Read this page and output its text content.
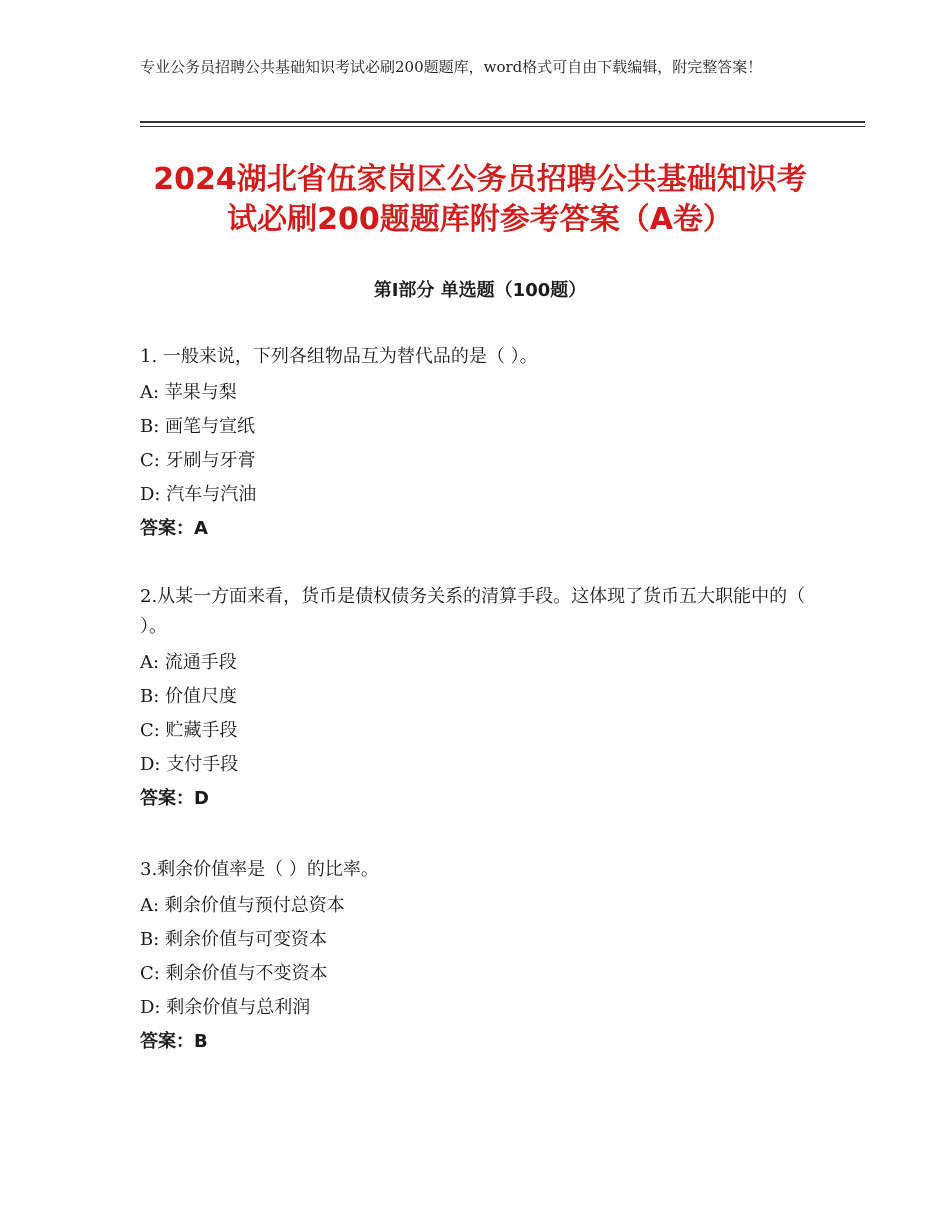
专业公务员招聘公共基础知识考试必刷200题题库，word格式可自由下载编辑，附完整答案！
2024湖北省伍家岗区公务员招聘公共基础知识考试必刷200题题库附参考答案（A卷）
第Ⅰ部分 单选题（100题）
1. 一般来说，下列各组物品互为替代品的是（ ）。
A: 苹果与梨
B: 画笔与宣纸
C: 牙刷与牙膏
D: 汽车与汽油
答案：A
2.从某一方面来看，货币是债权债务关系的清算手段。这体现了货币五大职能中的（ ）。
A: 流通手段
B: 价值尺度
C: 贮藏手段
D: 支付手段
答案：D
3.剩余价值率是（ ）的比率。
A: 剩余价值与预付总资本
B: 剩余价值与可变资本
C: 剩余价值与不变资本
D: 剩余价值与总利润
答案：B
